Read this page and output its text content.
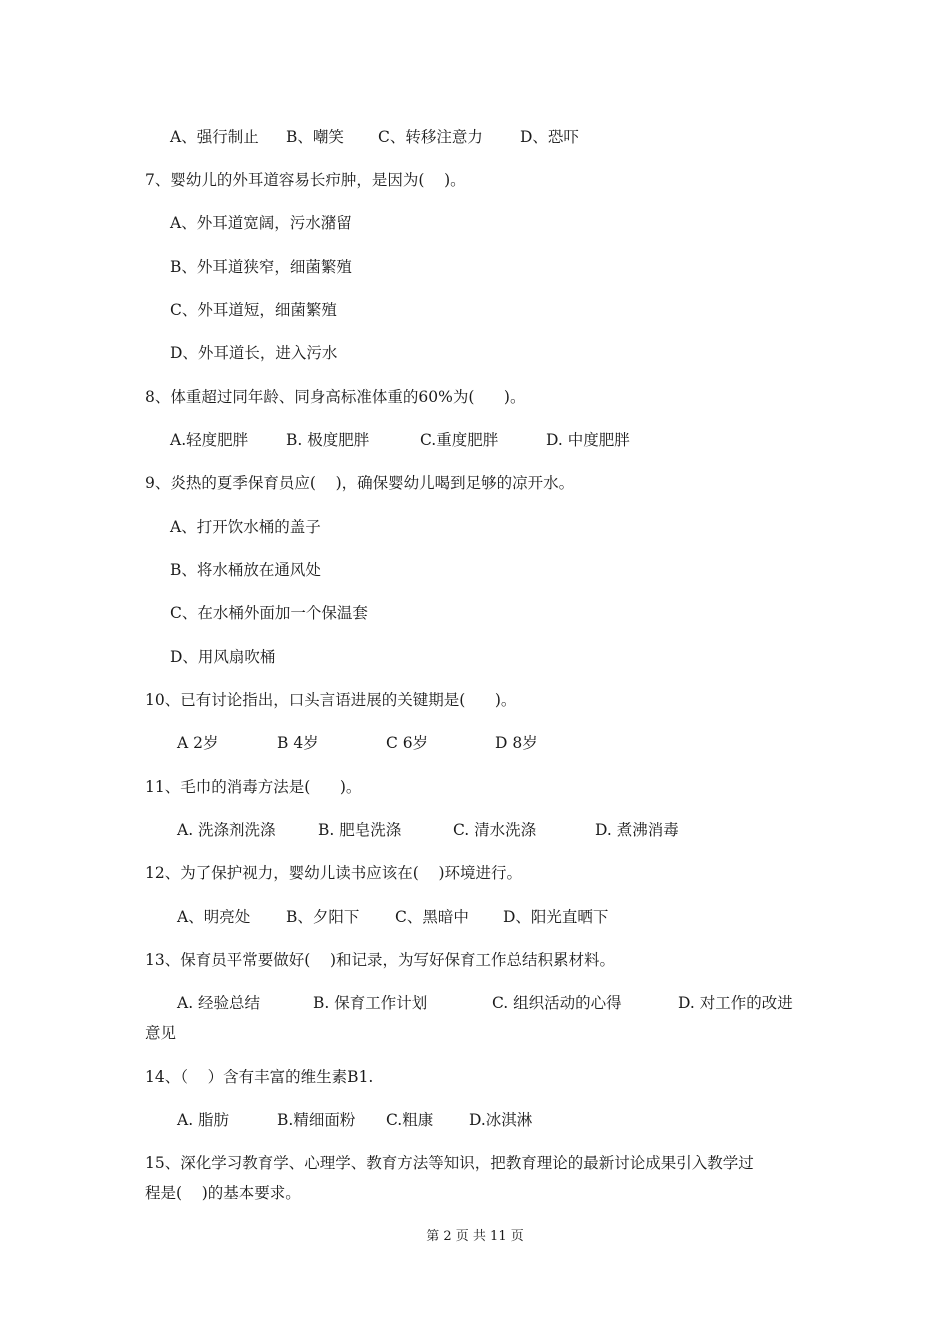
A、强行制止 B、嘲笑 C、转移注意力 D、恐吓
7、婴幼儿的外耳道容易长疖肿，是因为(    )。
A、外耳道宽阔，污水潴留
B、外耳道狭窄，细菌繁殖
C、外耳道短，细菌繁殖
D、外耳道长，进入污水
8、体重超过同年龄、同身高标准体重的60%为(      )。
A.轻度肥胖 B. 极度肥胖	C.重度肥胖	D. 中度肥胖
9、炎热的夏季保育员应(    )，确保婴幼儿喝到足够的凉开水。
A、打开饮水桶的盖子
B、将水桶放在通风处
C、在水桶外面加一个保温套
D、用风扇吹桶
10、已有讨论指出，口头言语进展的关键期是(      )。
A 2岁	B 4岁	C 6岁	D 8岁
11、毛巾的消毒方法是(      )。
A. 洗涤剂洗涤	B. 肥皂洗涤	C. 清水洗涤	D. 煮沸消毒
12、为了保护视力，婴幼儿读书应该在(    )环境进行。
A、明亮处 B、夕阳下 C、黑暗中 D、阳光直晒下
13、保育员平常要做好(    )和记录，为写好保育工作总结积累材料。
A. 经验总结	B. 保育工作计划	C. 组织活动的心得	D. 对工作的改进
意见
14、（    ）含有丰富的维生素B1.
A. 脂肪	B.精细面粉 C.粗康 D.冰淇淋
15、深化学习教育学、心理学、教育方法等知识，把教育理论的最新讨论成果引入教学过
程是(    )的基本要求。
第 2 页 共 11 页
